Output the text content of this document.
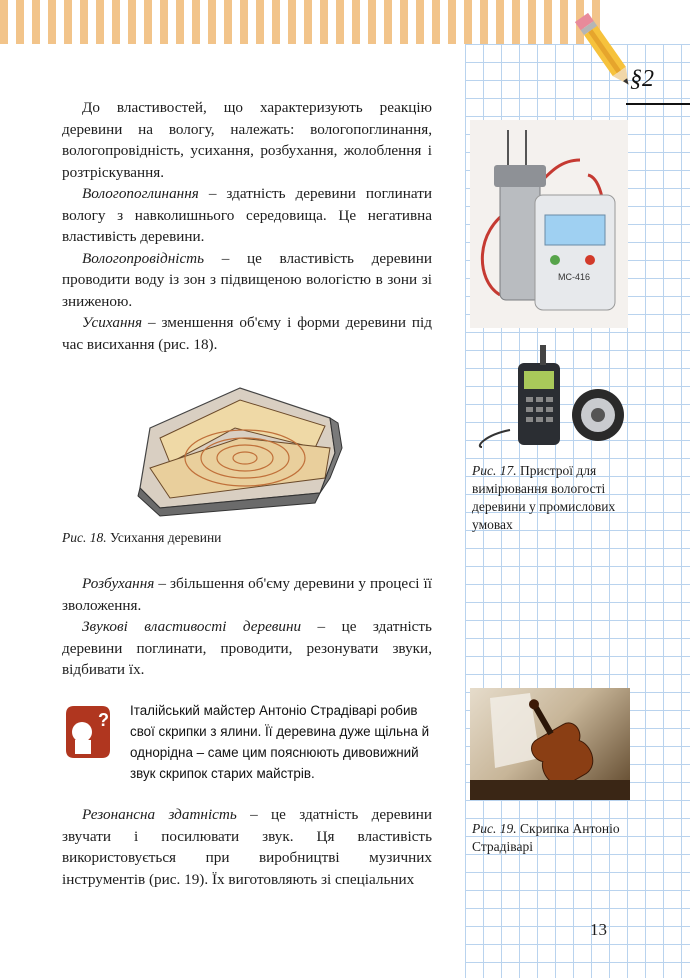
§2

До властивостей, що характеризують реакцію деревини на вологу, належать: вологопоглинання, вологопровідність, усихання, розбухання, жолоблення і розтріскування.

Вологопоглинання – здатність деревини поглинати вологу з навколишнього середовища. Це негативна властивість деревини.

Вологопровідність – це властивість деревини проводити воду із зон з підвищеною вологістю в зони зі зниженою.

Усихання – зменшення об'єму і форми деревини під час висихання (рис. 18).

Рис. 18. Усихання деревини
MC-416
Рис. 17. Пристрої для вимірювання вологості деревини у промислових умовах

Розбухання – збільшення об'єму деревини у процесі її зволоження.

Звукові властивості деревини – це здатність деревини поглинати, проводити, резонувати звуки, відбивати їх.

? Італійський майстер Антоніо Страдіварі робив свої скрипки з ялини. Її деревина дуже щільна й однорідна – саме цим пояснюють дивовижний звук скрипок старих майстрів.
Рис. 19. Скрипка Антоніо Страдіварі

Резонансна здатність – це здатність деревини звучати і посилювати звук. Ця властивість використовується при виробництві музичних інструментів (рис. 19). Їх виготовляють зі спеціальних

13
